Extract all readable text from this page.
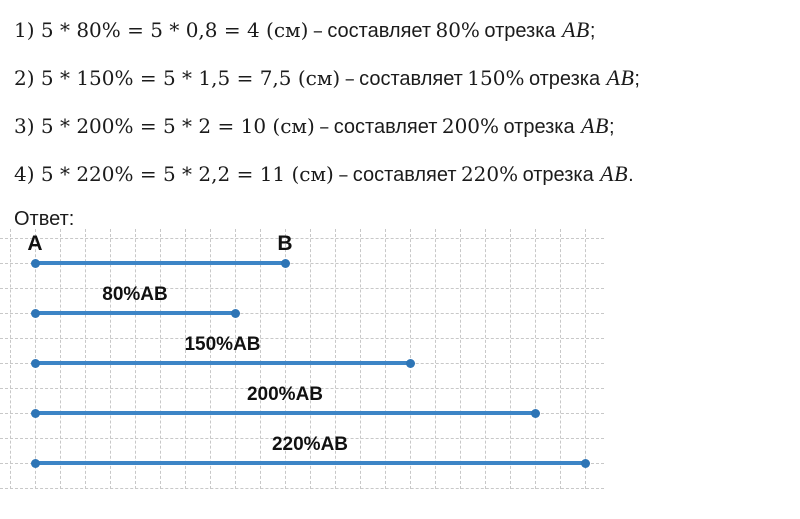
1) 5 * 80% = 5 * 0,8 = 4 (см) – составляет 80% отрезка AB;
2) 5 * 150% = 5 * 1,5 = 7,5 (см) – составляет 150% отрезка AB;
3) 5 * 200% = 5 * 2 = 10 (см) – составляет 200% отрезка AB;
4) 5 * 220% = 5 * 2,2 = 11 (см) – составляет 220% отрезка AB.
Ответ:
A	B
80%AB
150%AB
200%AB
220%AB
